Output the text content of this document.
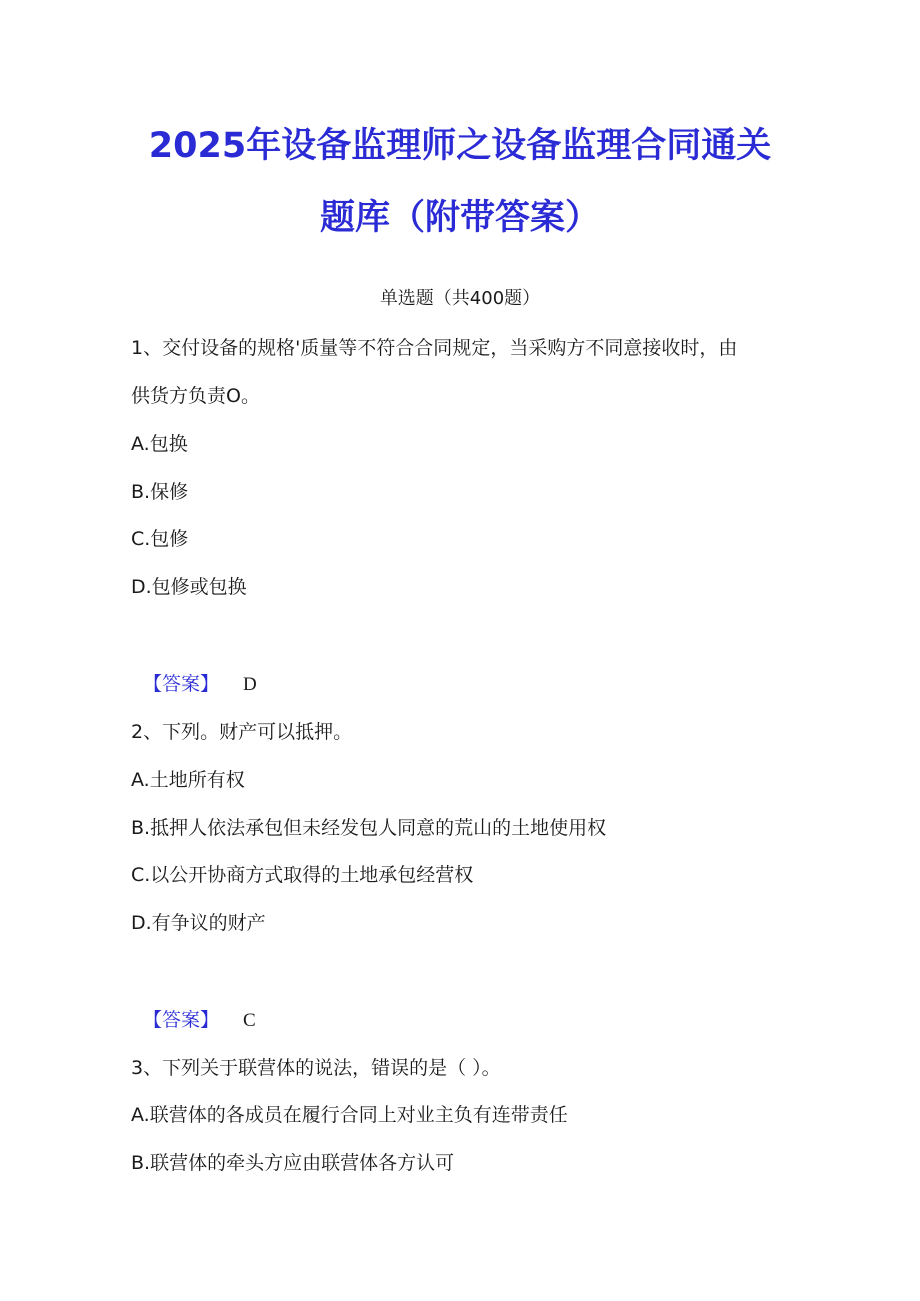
2025年设备监理师之设备监理合同通关
题库（附带答案）
单选题（共400题）
1、交付设备的规格'质量等不符合合同规定，当采购方不同意接收时，由
供货方负责O。
A.包换
B.保修
C.包修
D.包修或包换
【答案】 D
2、下列。财产可以抵押。
A.土地所有权
B.抵押人依法承包但未经发包人同意的荒山的土地使用权
C.以公开协商方式取得的土地承包经营权
D.有争议的财产
【答案】 C
3、下列关于联营体的说法，错误的是（ ）。
A.联营体的各成员在履行合同上对业主负有连带责任
B.联营体的牵头方应由联营体各方认可
